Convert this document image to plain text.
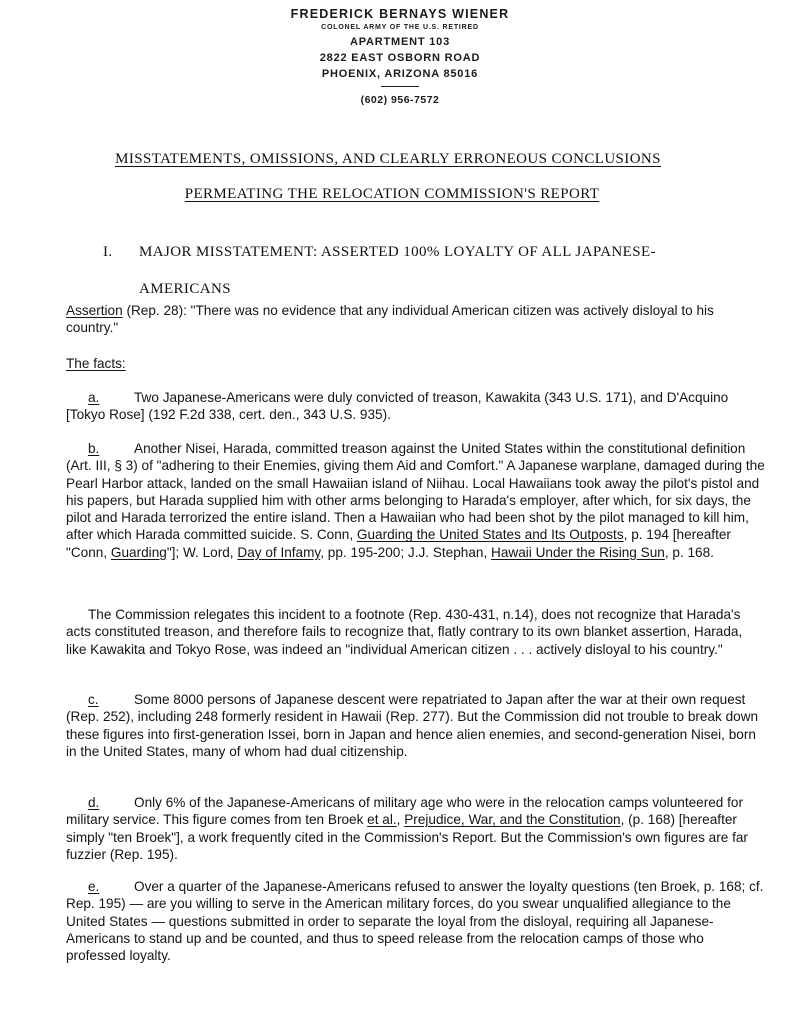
FREDERICK BERNAYS WIENER
COLONEL ARMY OF THE U.S. RETIRED
APARTMENT 103
2822 EAST OSBORN ROAD
PHOENIX, ARIZONA 85016
(602) 956-7572
MISSTATEMENTS, OMISSIONS, AND CLEARLY ERRONEOUS CONCLUSIONS
PERMEATING THE RELOCATION COMMISSION'S REPORT
I. MAJOR MISSTATEMENT: ASSERTED 100% LOYALTY OF ALL JAPANESE-
AMERICANS

Assertion (Rep. 28): "There was no evidence that any individual American citizen was actively disloyal to his country."

The facts:

a.	Two Japanese-Americans were duly convicted of treason, Kawakita (343 U.S. 171), and D'Acquino [Tokyo Rose] (192 F.2d 338, cert. den., 343 U.S. 935).

b.	Another Nisei, Harada, committed treason against the United States within the constitutional definition (Art. III, § 3) of "adhering to their Enemies, giving them Aid and Comfort." A Japanese warplane, damaged during the Pearl Harbor attack, landed on the small Hawaiian island of Niihau. Local Hawaiians took away the pilot's pistol and his papers, but Harada supplied him with other arms belonging to Harada's employer, after which, for six days, the pilot and Harada terrorized the entire island. Then a Hawaiian who had been shot by the pilot managed to kill him, after which Harada committed suicide. S. Conn, Guarding the United States and Its Outposts, p. 194 [hereafter "Conn, Guarding"]; W. Lord, Day of Infamy, pp. 195-200; J.J. Stephan, Hawaii Under the Rising Sun, p. 168.

The Commission relegates this incident to a footnote (Rep. 430-431, n.14), does not recognize that Harada's acts constituted treason, and therefore fails to recognize that, flatly contrary to its own blanket assertion, Harada, like Kawakita and Tokyo Rose, was indeed an "individual American citizen . . . actively disloyal to his country."

c.	Some 8000 persons of Japanese descent were repatriated to Japan after the war at their own request (Rep. 252), including 248 formerly resident in Hawaii (Rep. 277). But the Commission did not trouble to break down these figures into first-generation Issei, born in Japan and hence alien enemies, and second-generation Nisei, born in the United States, many of whom had dual citizenship.

d.	Only 6% of the Japanese-Americans of military age who were in the relocation camps volunteered for military service. This figure comes from ten Broek et al., Prejudice, War, and the Constitution, (p. 168) [hereafter simply "ten Broek"], a work frequently cited in the Commission's Report. But the Commission's own figures are far fuzzier (Rep. 195).

e.	Over a quarter of the Japanese-Americans refused to answer the loyalty questions (ten Broek, p. 168; cf. Rep. 195) — are you willing to serve in the American military forces, do you swear unqualified allegiance to the United States — questions submitted in order to separate the loyal from the disloyal, requiring all Japanese-Americans to stand up and be counted, and thus to speed release from the relocation camps of those who professed loyalty.
